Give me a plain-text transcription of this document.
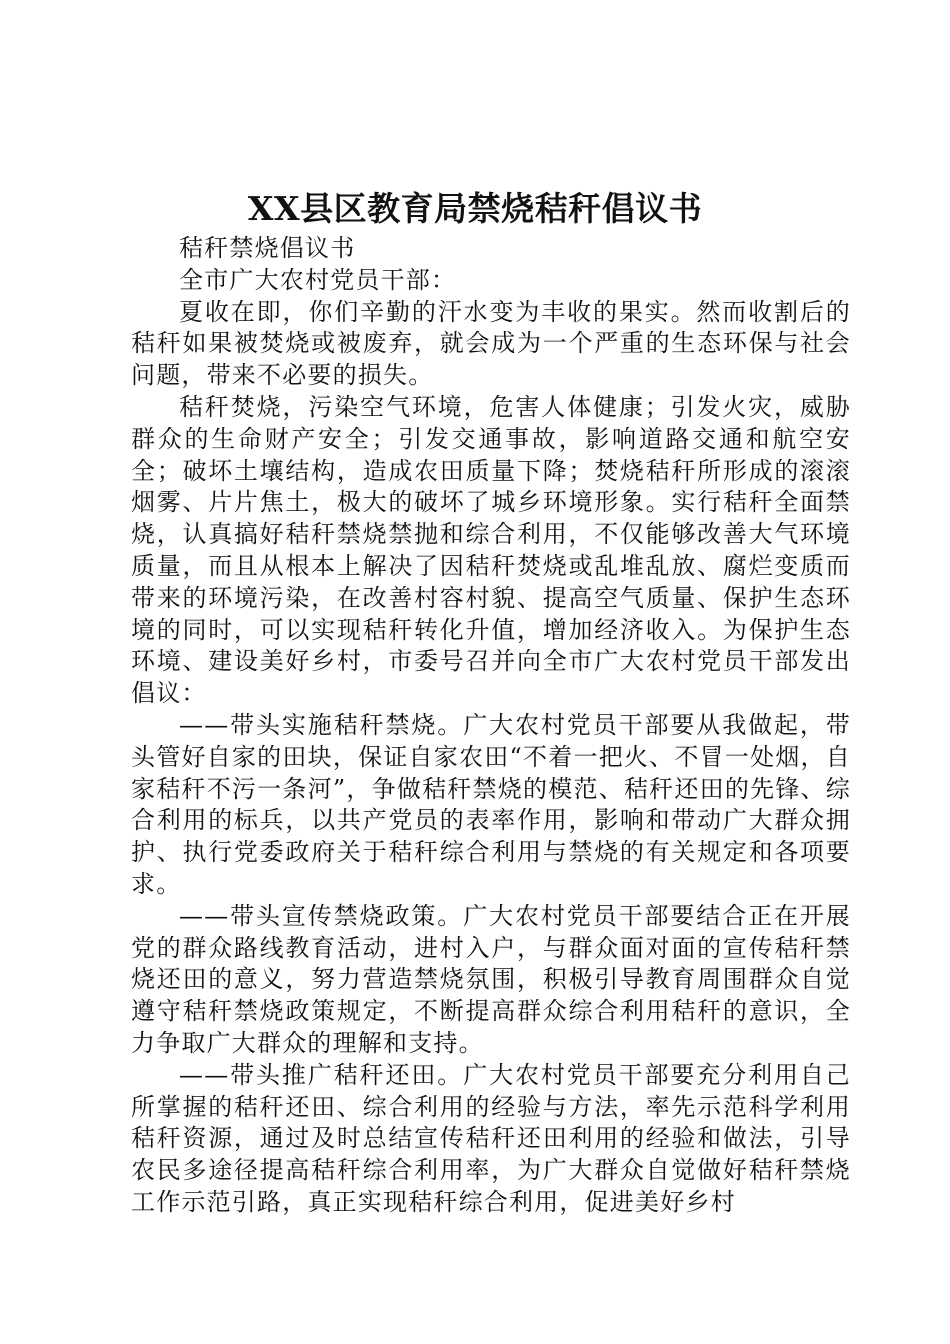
XX县区教育局禁烧秸秆倡议书

秸秆禁烧倡议书

全市广大农村党员干部：

夏收在即，你们辛勤的汗水变为丰收的果实。然而收割后的秸秆如果被焚烧或被废弃，就会成为一个严重的生态环保与社会问题，带来不必要的损失。

秸秆焚烧，污染空气环境，危害人体健康；引发火灾，威胁群众的生命财产安全；引发交通事故，影响道路交通和航空安全；破坏土壤结构，造成农田质量下降；焚烧秸秆所形成的滚滚烟雾、片片焦土，极大的破坏了城乡环境形象。实行秸秆全面禁烧，认真搞好秸秆禁烧禁抛和综合利用，不仅能够改善大气环境质量，而且从根本上解决了因秸秆焚烧或乱堆乱放、腐烂变质而带来的环境污染，在改善村容村貌、提高空气质量、保护生态环境的同时，可以实现秸秆转化升值，增加经济收入。为保护生态环境、建设美好乡村，市委号召并向全市广大农村党员干部发出倡议：

——带头实施秸秆禁烧。广大农村党员干部要从我做起，带头管好自家的田块，保证自家农田“不着一把火、不冒一处烟，自家秸秆不污一条河”，争做秸秆禁烧的模范、秸秆还田的先锋、综合利用的标兵，以共产党员的表率作用，影响和带动广大群众拥护、执行党委政府关于秸秆综合利用与禁烧的有关规定和各项要求。

——带头宣传禁烧政策。广大农村党员干部要结合正在开展党的群众路线教育活动，进村入户，与群众面对面的宣传秸秆禁烧还田的意义，努力营造禁烧氛围，积极引导教育周围群众自觉遵守秸秆禁烧政策规定，不断提高群众综合利用秸秆的意识，全力争取广大群众的理解和支持。

——带头推广秸秆还田。广大农村党员干部要充分利用自己所掌握的秸秆还田、综合利用的经验与方法，率先示范科学利用秸秆资源，通过及时总结宣传秸秆还田利用的经验和做法，引导农民多途径提高秸秆综合利用率，为广大群众自觉做好秸秆禁烧工作示范引路，真正实现秸秆综合利用，促进美好乡村
